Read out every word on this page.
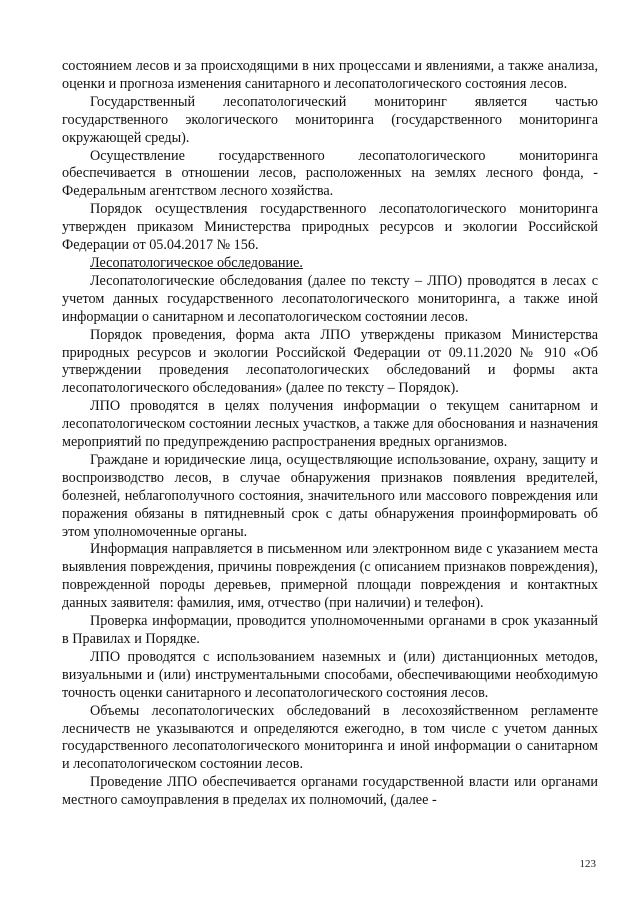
состоянием лесов и за происходящими в них процессами и явлениями, а также анализа, оценки и прогноза изменения санитарного и лесопатологического состояния лесов.

Государственный лесопатологический мониторинг является частью государственного экологического мониторинга (государственного мониторинга окружающей среды).

Осуществление государственного лесопатологического мониторинга обеспечивается в отношении лесов, расположенных на землях лесного фонда, - Федеральным агентством лесного хозяйства.

Порядок осуществления государственного лесопатологического мониторинга утвержден приказом Министерства природных ресурсов и экологии Российской Федерации от 05.04.2017 № 156.

Лесопатологическое обследование.

Лесопатологические обследования (далее по тексту – ЛПО) проводятся в лесах с учетом данных государственного лесопатологического мониторинга, а также иной информации о санитарном и лесопатологическом состоянии лесов.

Порядок проведения, форма акта ЛПО утверждены приказом Министерства природных ресурсов и экологии Российской Федерации от 09.11.2020 № 910 «Об утверждении проведения лесопатологических обследований и формы акта лесопатологического обследования» (далее по тексту – Порядок).

ЛПО проводятся в целях получения информации о текущем санитарном и лесопатологическом состоянии лесных участков, а также для обоснования и назначения мероприятий по предупреждению распространения вредных организмов.

Граждане и юридические лица, осуществляющие использование, охрану, защиту и воспроизводство лесов, в случае обнаружения признаков появления вредителей, болезней, неблагополучного состояния, значительного или массового повреждения или поражения обязаны в пятидневный срок с даты обнаружения проинформировать об этом уполномоченные органы.

Информация направляется в письменном или электронном виде с указанием места выявления повреждения, причины повреждения (с описанием признаков повреждения), поврежденной породы деревьев, примерной площади повреждения и контактных данных заявителя: фамилия, имя, отчество (при наличии) и телефон).

Проверка информации, проводится уполномоченными органами в срок указанный в Правилах и Порядке.

ЛПО проводятся с использованием наземных и (или) дистанционных методов, визуальными и (или) инструментальными способами, обеспечивающими необходимую точность оценки санитарного и лесопатологического состояния лесов.

Объемы лесопатологических обследований в лесохозяйственном регламенте лесничеств не указываются и определяются ежегодно, в том числе с учетом данных государственного лесопатологического мониторинга и иной информации о санитарном и лесопатологическом состоянии лесов.

Проведение ЛПО обеспечивается органами государственной власти или органами местного самоуправления в пределах их полномочий, (далее -

123
